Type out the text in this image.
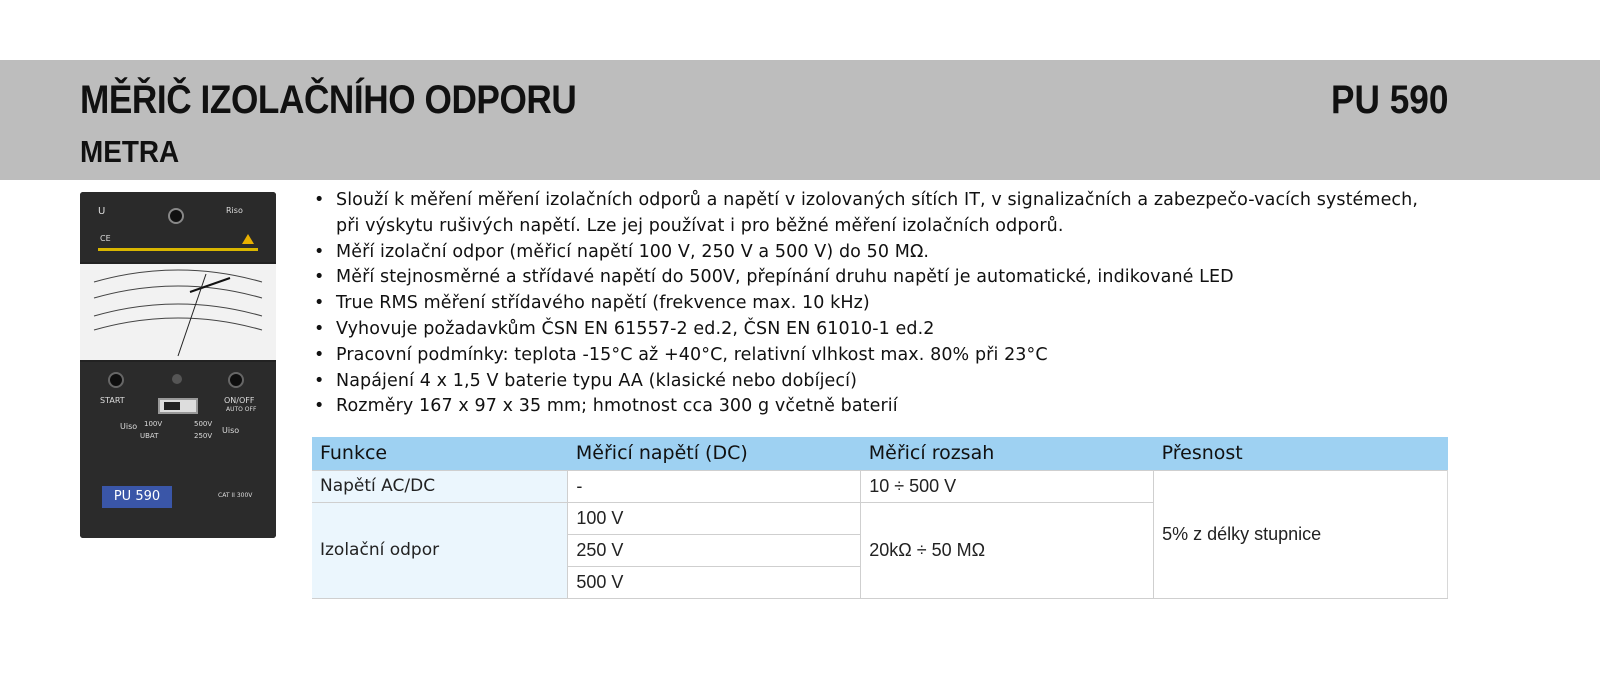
MĚŘIČ IZOLAČNÍHO ODPORU	PU 590
METRA
U	Riso
CE
START	ON/OFF
AUTO OFF
Uiso 100V
UBAT
500V
250V
Uiso
PU 590	CAT II 300V
• Slouží k měření měření izolačních odporů a napětí v izolovaných sítích IT, v signalizačních a zabezpečo-vacích systémech, při výskytu rušivých napětí. Lze jej používat i pro běžné měření izolačních odporů.
• Měří izolační odpor (měřicí napětí 100 V, 250 V a 500 V) do 50 MΩ.
• Měří stejnosměrné a střídavé napětí do 500V, přepínání druhu napětí je automatické, indikované LED
• True RMS měření střídavého napětí (frekvence max. 10 kHz)
• Vyhovuje požadavkům ČSN EN 61557-2 ed.2, ČSN EN 61010-1 ed.2
• Pracovní podmínky: teplota -15°C až +40°C, relativní vlhkost max. 80% při 23°C
• Napájení 4 x 1,5 V baterie typu AA (klasické nebo dobíjecí)
• Rozměry 167 x 97 x 35 mm; hmotnost cca 300 g včetně baterií
Funkce	Měřicí napětí (DC)	Měřicí rozsah	Přesnost
Napětí AC/DC	-	10 ÷ 500 V	5% z délky stupnice
Izolační odpor	100 V	20kΩ ÷ 50 MΩ	
	250 V		
	500 V		
